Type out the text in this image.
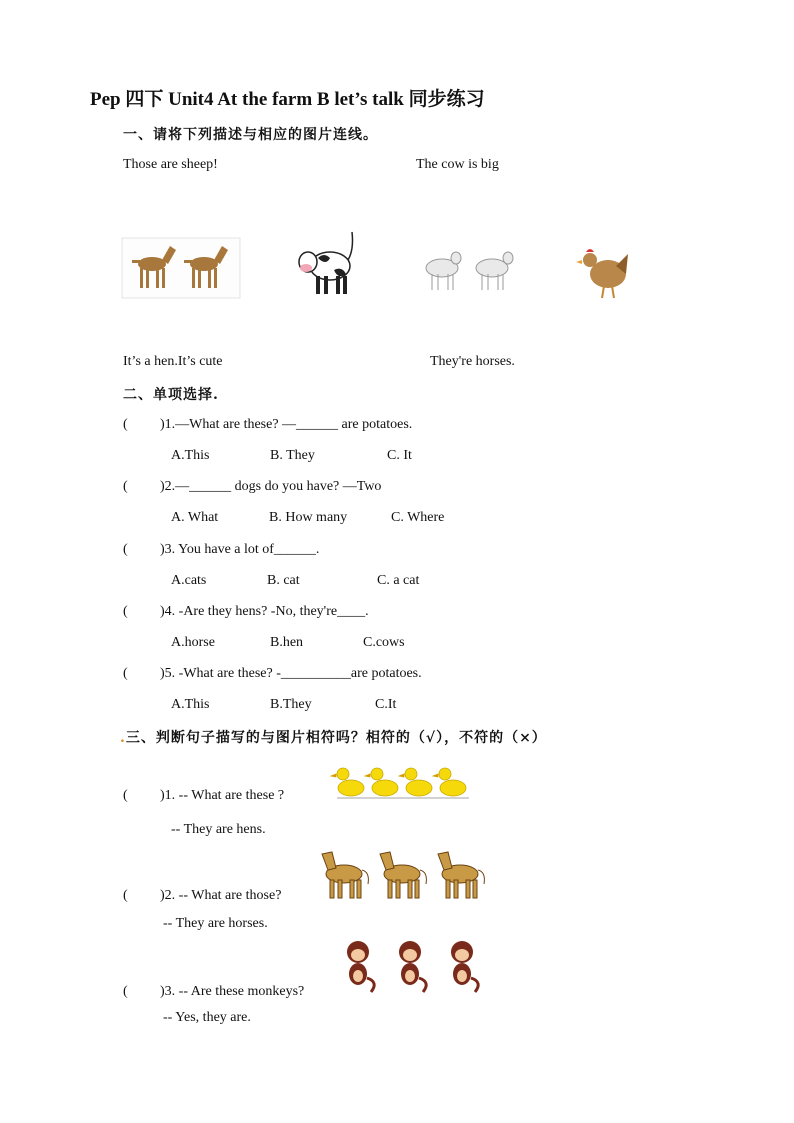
Pep 四下 Unit4 At the farm B let’s talk 同步练习
一、请将下列描述与相应的图片连线。
Those are sheep!	The cow is big
It’s a hen.It’s cute	They're horses.
二、单项选择.
( )1.—What are these? —______ are potatoes.
A.This	B. They	C. It
( )2.—______ dogs do you have? —Two
A. What	B. How many	C. Where
( )3. You have a lot of______.
A.cats	B. cat	C. a cat
( )4. -Are they hens? -No, they're____.
A.horse	B.hen	C.cows
( )5. -What are these? -__________are potatoes.
A.This	B.They	C.It
.三、判断句子描写的与图片相符吗？相符的（√），不符的（×）
( )1. -- What are these ?
-- They are hens.
( )2. -- What are those?
-- They are horses.
( )3. -- Are these monkeys?
-- Yes, they are.
